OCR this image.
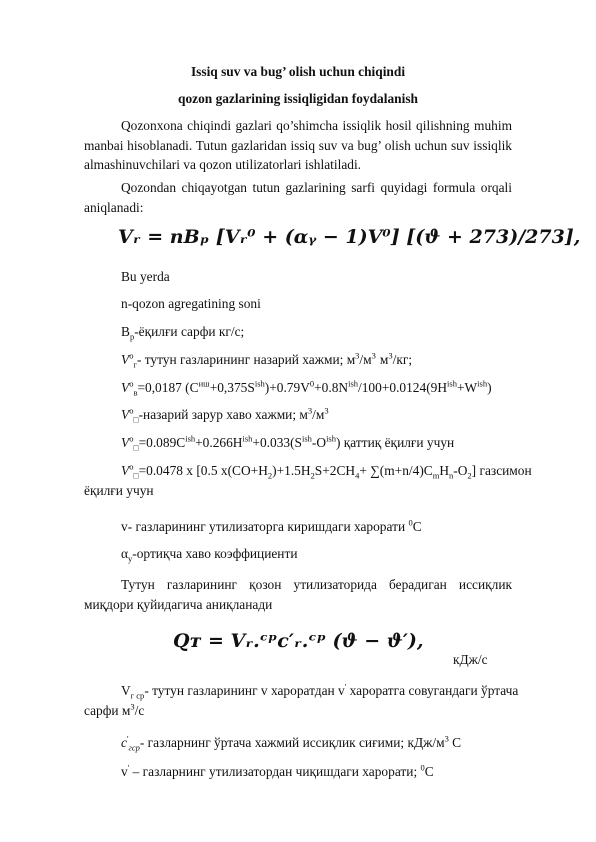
Issiq suv va bug’ olish uchun chiqindi
qozon gazlarining issiqligidan foydalanish
Qozonxona chiqindi gazlari qo’shimcha issiqlik hosil qilishning muhim manbai hisoblanadi. Tutun gazlaridan issiq suv va bug’ olish uchun suv issiqlik almashinuvchilari va qozon utilizatorlari ishlatiladi.
Qozondan chiqayotgan tutun gazlarining sarfi quyidagi formula orqali aniqlanadi:
Vᵣ = nBₚ [Vᵣ⁰ + (αᵧ − 1)V⁰] [(ϑ + 273)/273],
Bu yerda
n-qozon agregatining soni
$B_p$-ёқилғи сарфи кг/с;
$V^о_г-$ тутун газларининг назарий хажми; $м^3/м^3$ $м^3/кг$;
$V^о_в=0,0187$ $(C^{иш}+0,375S^{ish})+0.79V^0+0.8N^{ish}/100+0.0124(9H^{ish}+W^{ish})$
$V^о_□$-назарий зарур хаво хажми; $м^3/м^3$
$V^о_□=0.089C^{ish}+0.266H^{ish}+0.033(S^{ish}-O^{ish})$ қаттиқ ёқилғи учун
$V^о_□=0.0478$ x [0.5 $x(CO+H_2)+1.5H_2S+2CH_4+ \sum(m+n/4)C_mH_n-O_2$] газсимон
ёқилғи учун
v- газларининг утилизаторга киришдаги харорати $^0$C
$\alpha_у$-ортиқча хаво коэффициенти
Тутун газларининг қозон утилизаторида берадиган иссиқлик миқдори қуйидагича аниқланади
Qᴛ = Vᵣ.ᶜᵖc′ᵣ.ᶜᵖ (ϑ − ϑ′),
кДж/с
$V_{г ср}-$ тутун газларининг v хароратдан v' хароратга совугандаги ўртача
сарфи $м^3/c$
$c'_{гср}-$ газларнинг ўртача хажмий иссиқлик сиғими; кДж/$м^3$ С
v' – газларнинг утилизатордан чиқишдаги харорати; $^0$C
